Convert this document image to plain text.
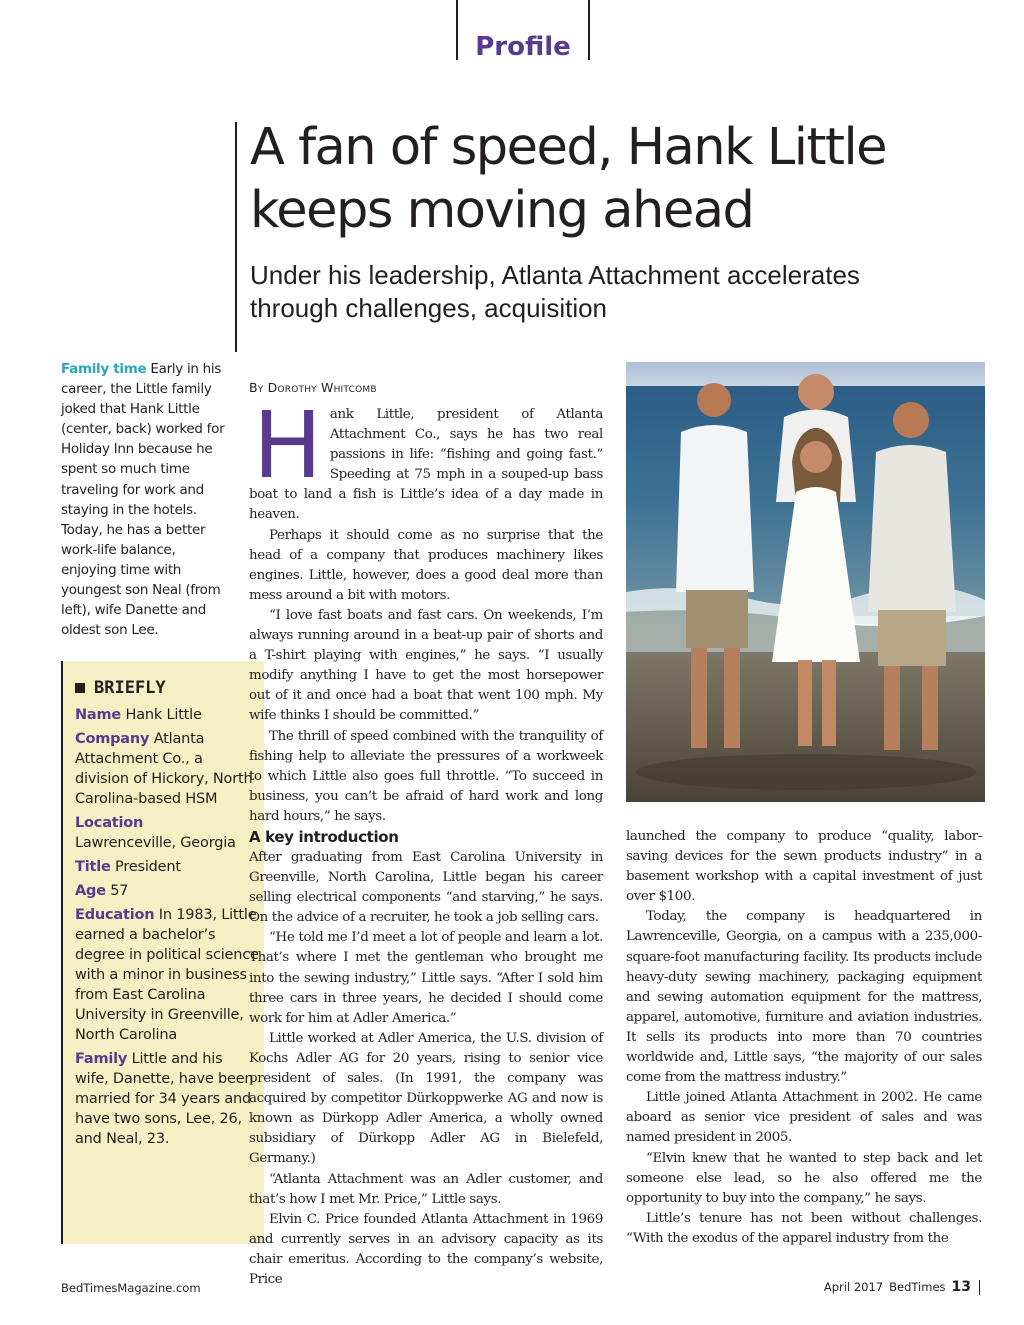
Profile
A fan of speed, Hank Little
keeps moving ahead
Under his leadership, Atlanta Attachment accelerates
through challenges, acquisition
Family time Early in his career, the Little family joked that Hank Little (center, back) worked for Holiday Inn because he spent so much time traveling for work and staying in the hotels. Today, he has a better work-life balance, enjoying time with youngest son Neal (from left), wife Danette and oldest son Lee.
BRIEFLY
Name Hank Little
Company Atlanta Attachment Co., a division of Hickory, North Carolina-based HSM
Location
Lawrenceville, Georgia
Title President
Age 57
Education In 1983, Little earned a bachelor’s degree in political science with a minor in business from East Carolina University in Greenville, North Carolina
Family Little and his wife, Danette, have been married for 34 years and have two sons, Lee, 26, and Neal, 23.
By Dorothy Whitcomb

Hank Little, president of Atlanta Attachment Co., says he has two real passions in life: “fishing and going fast.” Speeding at 75 mph in a souped-up bass boat to land a fish is Little’s idea of a day made in heaven.

Perhaps it should come as no surprise that the head of a company that produces machinery likes engines. Little, however, does a good deal more than mess around a bit with motors.

“I love fast boats and fast cars. On weekends, I’m always running around in a beat-up pair of shorts and a T-shirt playing with engines,” he says. “I usually modify anything I have to get the most horsepower out of it and once had a boat that went 100 mph. My wife thinks I should be committed.”

The thrill of speed combined with the tranquility of fishing help to alleviate the pressures of a workweek to which Little also goes full throttle. “To succeed in business, you can’t be afraid of hard work and long hard hours,” he says.

A key introduction

After graduating from East Carolina University in Greenville, North Carolina, Little began his career selling electrical components “and starving,” he says. On the advice of a recruiter, he took a job selling cars.

“He told me I’d meet a lot of people and learn a lot. That’s where I met the gentleman who brought me into the sewing industry,” Little says. “After I sold him three cars in three years, he decided I should come work for him at Adler America.”

Little worked at Adler America, the U.S. division of Kochs Adler AG for 20 years, rising to senior vice president of sales. (In 1991, the company was acquired by competitor Dürkoppwerke AG and now is known as Dürkopp Adler America, a wholly owned subsidiary of Dürkopp Adler AG in Bielefeld, Germany.)

“Atlanta Attachment was an Adler customer, and that’s how I met Mr. Price,” Little says.

Elvin C. Price founded Atlanta Attachment in 1969 and currently serves in an advisory capacity as its chair emeritus. According to the company’s website, Price

launched the company to produce “quality, labor-saving devices for the sewn products industry” in a basement workshop with a capital investment of just over $100.

Today, the company is headquartered in Lawrenceville, Georgia, on a campus with a 235,000-square-foot manufacturing facility. Its products include heavy-duty sewing machinery, packaging equipment and sewing automation equipment for the mattress, apparel, automotive, furniture and aviation industries. It sells its products into more than 70 countries worldwide and, Little says, “the majority of our sales come from the mattress industry.”

Little joined Atlanta Attachment in 2002. He came aboard as senior vice president of sales and was named president in 2005.

“Elvin knew that he wanted to step back and let someone else lead, so he also offered me the opportunity to buy into the company,” he says.

Little’s tenure has not been without challenges. “With the exodus of the apparel industry from the

BedTimesMagazine.com	April 2017 BedTimes 13
